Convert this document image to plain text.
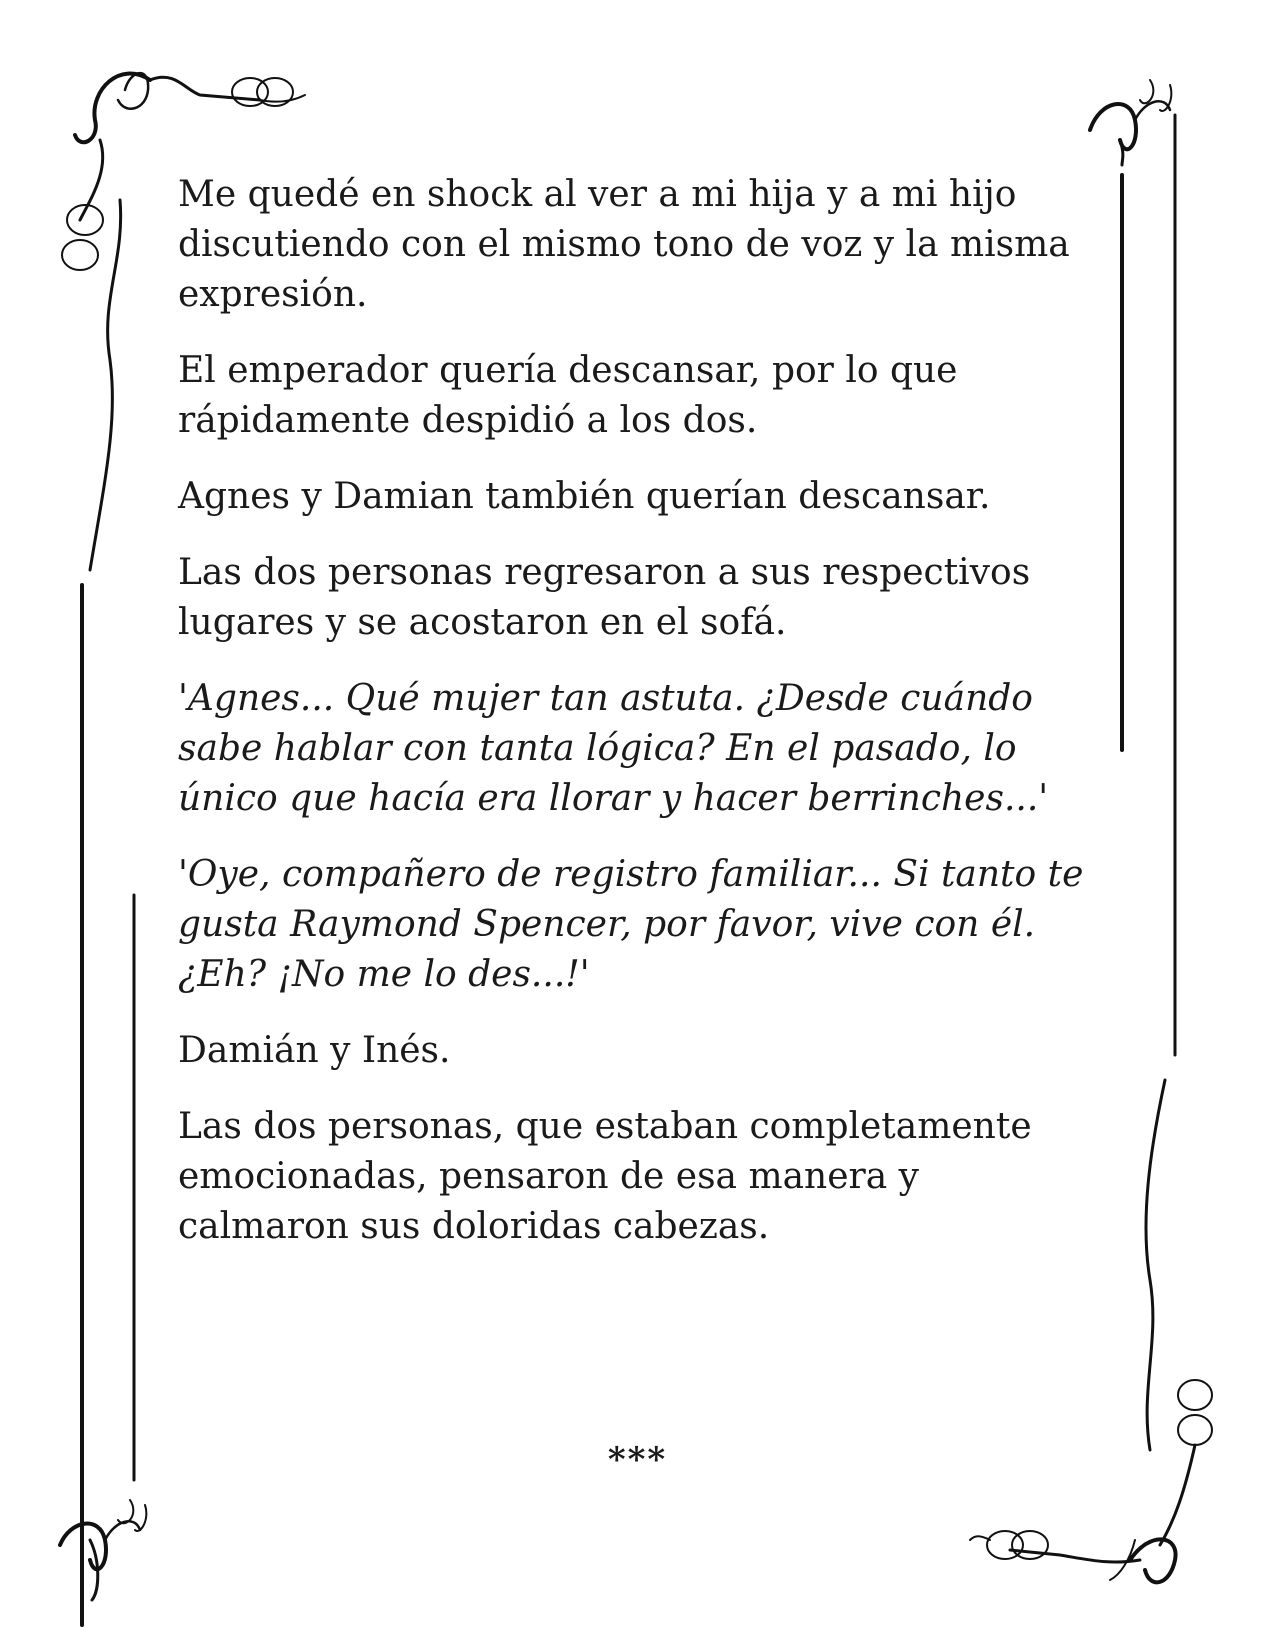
Me quedé en shock al ver a mi hija y a mi hijo discutiendo con el mismo tono de voz y la misma expresión.

El emperador quería descansar, por lo que rápidamente despidió a los dos.

Agnes y Damian también querían descansar.

Las dos personas regresaron a sus respectivos lugares y se acostaron en el sofá.

'Agnes... Qué mujer tan astuta. ¿Desde cuándo sabe hablar con tanta lógica? En el pasado, lo único que hacía era llorar y hacer berrinches...'

'Oye, compañero de registro familiar... Si tanto te gusta Raymond Spencer, por favor, vive con él. ¿Eh? ¡No me lo des...!'

Damián y Inés.

Las dos personas, que estaban completamente emocionadas, pensaron de esa manera y calmaron sus doloridas cabezas.

***
